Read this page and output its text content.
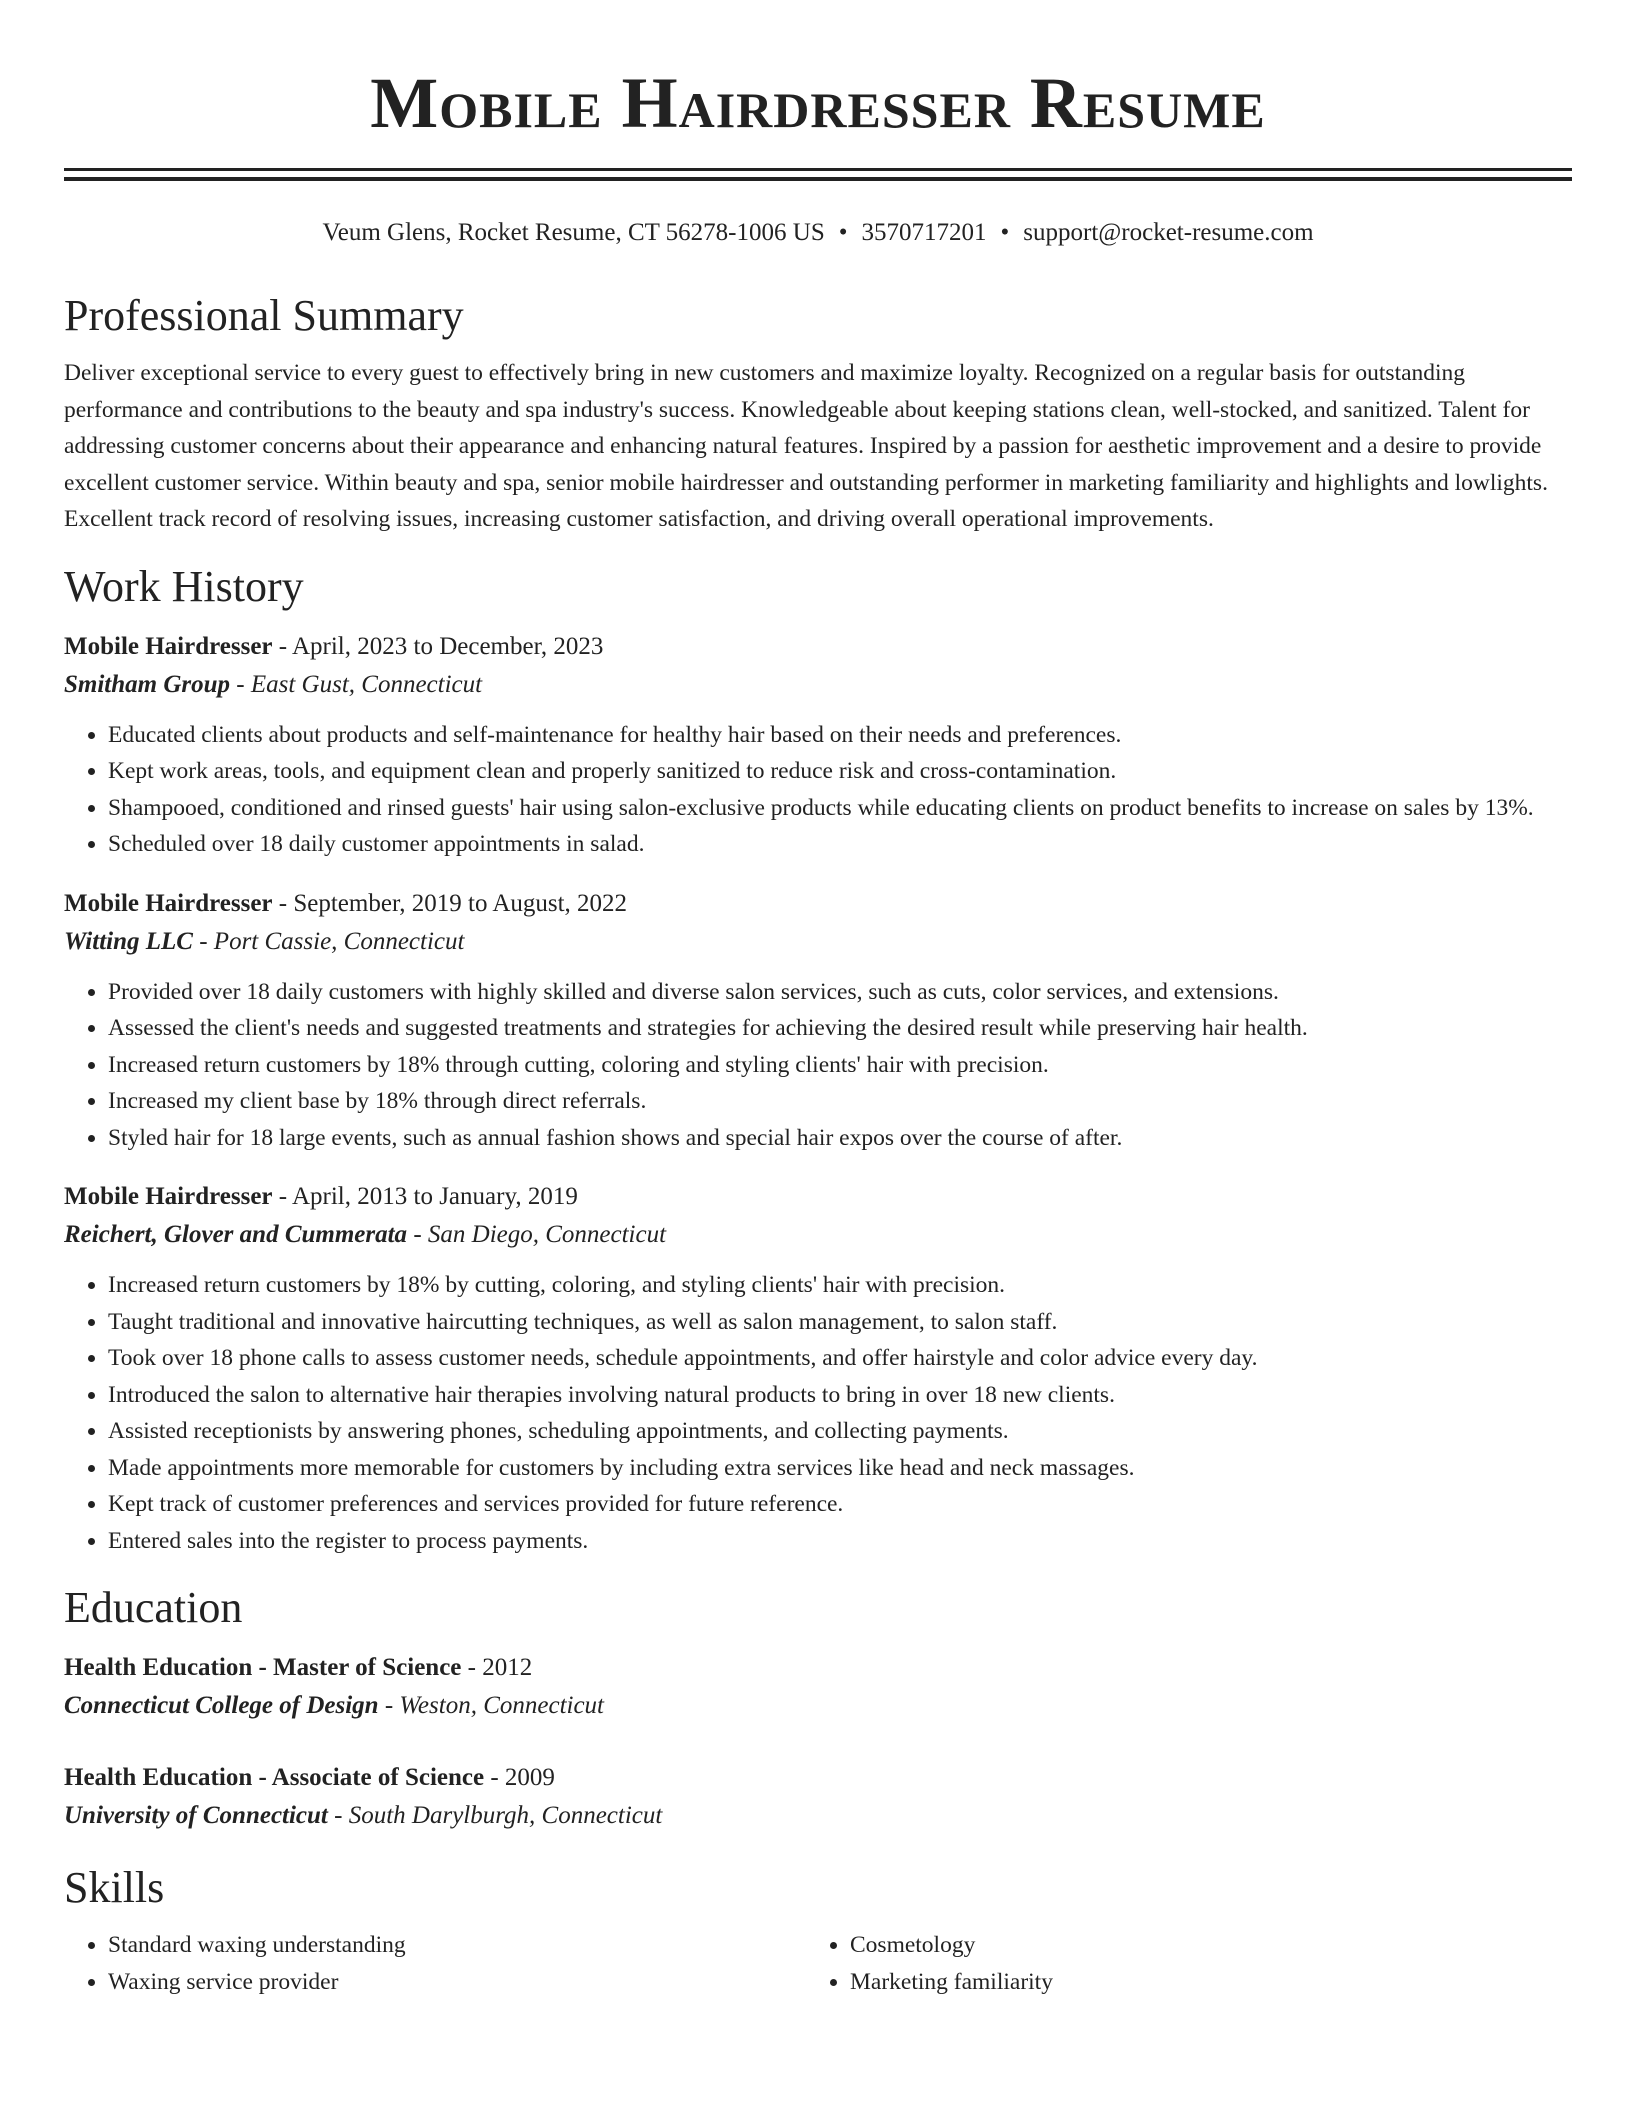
Mobile Hairdresser Resume
Veum Glens, Rocket Resume, CT 56278-1006 US • 3570717201 • support@rocket-resume.com
Professional Summary
Deliver exceptional service to every guest to effectively bring in new customers and maximize loyalty. Recognized on a regular basis for outstanding performance and contributions to the beauty and spa industry's success. Knowledgeable about keeping stations clean, well-stocked, and sanitized. Talent for addressing customer concerns about their appearance and enhancing natural features. Inspired by a passion for aesthetic improvement and a desire to provide excellent customer service. Within beauty and spa, senior mobile hairdresser and outstanding performer in marketing familiarity and highlights and lowlights. Excellent track record of resolving issues, increasing customer satisfaction, and driving overall operational improvements.
Work History
Mobile Hairdresser - April, 2023 to December, 2023
Smitham Group - East Gust, Connecticut
• Educated clients about products and self-maintenance for healthy hair based on their needs and preferences.
• Kept work areas, tools, and equipment clean and properly sanitized to reduce risk and cross-contamination.
• Shampooed, conditioned and rinsed guests' hair using salon-exclusive products while educating clients on product benefits to increase on sales by 13%.
• Scheduled over 18 daily customer appointments in salad.
Mobile Hairdresser - September, 2019 to August, 2022
Witting LLC - Port Cassie, Connecticut
• Provided over 18 daily customers with highly skilled and diverse salon services, such as cuts, color services, and extensions.
• Assessed the client's needs and suggested treatments and strategies for achieving the desired result while preserving hair health.
• Increased return customers by 18% through cutting, coloring and styling clients' hair with precision.
• Increased my client base by 18% through direct referrals.
• Styled hair for 18 large events, such as annual fashion shows and special hair expos over the course of after.
Mobile Hairdresser - April, 2013 to January, 2019
Reichert, Glover and Cummerata - San Diego, Connecticut
• Increased return customers by 18% by cutting, coloring, and styling clients' hair with precision.
• Taught traditional and innovative haircutting techniques, as well as salon management, to salon staff.
• Took over 18 phone calls to assess customer needs, schedule appointments, and offer hairstyle and color advice every day.
• Introduced the salon to alternative hair therapies involving natural products to bring in over 18 new clients.
• Assisted receptionists by answering phones, scheduling appointments, and collecting payments.
• Made appointments more memorable for customers by including extra services like head and neck massages.
• Kept track of customer preferences and services provided for future reference.
• Entered sales into the register to process payments.
Education
Health Education - Master of Science - 2012
Connecticut College of Design - Weston, Connecticut
Health Education - Associate of Science - 2009
University of Connecticut - South Darylburgh, Connecticut
Skills
• Standard waxing understanding
• Waxing service provider
• Cosmetology
• Marketing familiarity
